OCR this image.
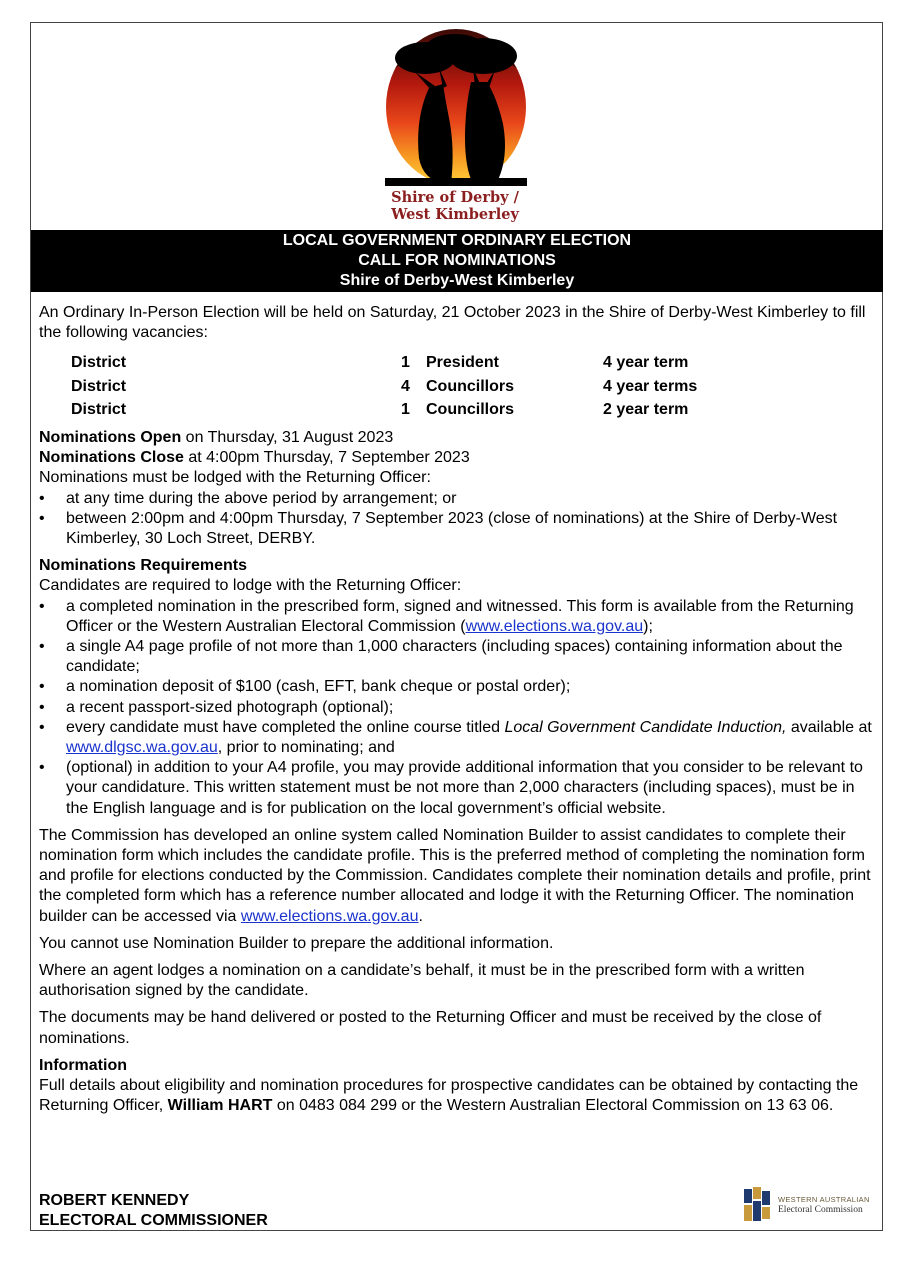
Shire of Derby /
West Kimberley
LOCAL GOVERNMENT ORDINARY ELECTION
CALL FOR NOMINATIONS
Shire of Derby-West Kimberley

An Ordinary In-Person Election will be held on Saturday, 21 October 2023 in the Shire of Derby-West Kimberley to fill the following vacancies:

District	1	President	4 year term
District	4	Councillors	4 year terms
District	1	Councillors	2 year term

Nominations Open on Thursday, 31 August 2023

Nominations Close at 4:00pm Thursday, 7 September 2023

Nominations must be lodged with the Returning Officer:

• at any time during the above period by arrangement; or
• between 2:00pm and 4:00pm Thursday, 7 September 2023 (close of nominations) at the Shire of Derby-West Kimberley, 30 Loch Street, DERBY.

Nominations Requirements

Candidates are required to lodge with the Returning Officer:

• a completed nomination in the prescribed form, signed and witnessed. This form is available from the Returning Officer or the Western Australian Electoral Commission (www.elections.wa.gov.au);
• a single A4 page profile of not more than 1,000 characters (including spaces) containing information about the candidate;
• a nomination deposit of $100 (cash, EFT, bank cheque or postal order);
• a recent passport-sized photograph (optional);
• every candidate must have completed the online course titled Local Government Candidate Induction, available at www.dlgsc.wa.gov.au, prior to nominating; and
• (optional) in addition to your A4 profile, you may provide additional information that you consider to be relevant to your candidature. This written statement must be not more than 2,000 characters (including spaces), must be in the English language and is for publication on the local government’s official website.

The Commission has developed an online system called Nomination Builder to assist candidates to complete their nomination form which includes the candidate profile. This is the preferred method of completing the nomination form and profile for elections conducted by the Commission. Candidates complete their nomination details and profile, print the completed form which has a reference number allocated and lodge it with the Returning Officer. The nomination builder can be accessed via www.elections.wa.gov.au.

You cannot use Nomination Builder to prepare the additional information.

Where an agent lodges a nomination on a candidate’s behalf, it must be in the prescribed form with a written authorisation signed by the candidate.

The documents may be hand delivered or posted to the Returning Officer and must be received by the close of nominations.

Information

Full details about eligibility and nomination procedures for prospective candidates can be obtained by contacting the Returning Officer, William HART on 0483 084 299 or the Western Australian Electoral Commission on 13 63 06.

ROBERT KENNEDY
ELECTORAL COMMISSIONER
WESTERN AUSTRALIAN
Electoral Commission
